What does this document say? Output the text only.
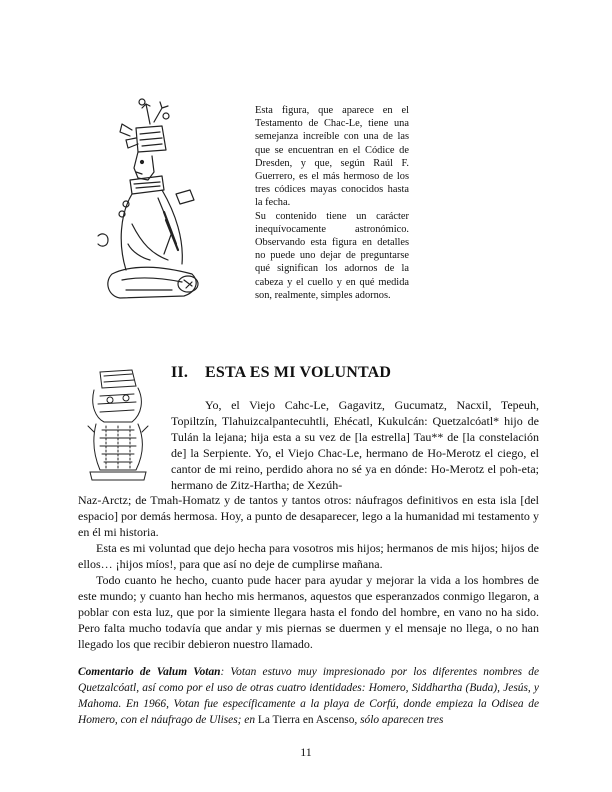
Esta figura, que aparece en el Testamento de Chac-Le, tiene una semejanza increíble con una de las que se encuentran en el Códice de Dresden, y que, según Raúl F. Guerrero, es el más hermoso de los tres códices mayas conocidos hasta la fecha.

Su contenido tiene un carácter inequívocamente astronómico. Observando esta figura en detalles no puede uno dejar de preguntarse qué significan los adornos de la cabeza y el cuello y en qué medida son, realmente, simples adornos.

II. ESTA ES MI VOLUNTAD

Yo, el Viejo Cahc-Le, Gagavitz, Gucumatz, Nacxil, Tepeuh, Topiltzín, Tlahuizcalpantecuhtli, Ehécatl, Kukulcán: Quetzalcóatl* hijo de Tulán la lejana; hija esta a su vez de [la estrella] Tau** de [la constelación de] la Serpiente. Yo, el Viejo Chac-Le, hermano de Ho-Merotz el ciego, el cantor de mi reino, perdido ahora no sé ya en dónde: Ho-Merotz el poh-eta; hermano de Zitz-Hartha; de Xezúh-

Naz-Arctz; de Tmah-Homatz y de tantos y tantos otros: náufragos definitivos en esta isla [del espacio] por demás hermosa. Hoy, a punto de desaparecer, lego a la humanidad mi testamento y en él mi historia.

Esta es mi voluntad que dejo hecha para vosotros mis hijos; hermanos de mis hijos; hijos de ellos… ¡hijos míos!, para que así no deje de cumplirse mañana.

Todo cuanto he hecho, cuanto pude hacer para ayudar y mejorar la vida a los hombres de este mundo; y cuanto han hecho mis hermanos, aquestos que esperanzados conmigo llegaron, a poblar con esta luz, que por la simiente llegara hasta el fondo del hombre, en vano no ha sido. Pero falta mucho todavía que andar y mis piernas se duermen y el mensaje no llega, o no han llegado los que recibir debieron nuestro llamado.

Comentario de Valum Votan: Votan estuvo muy impresionado por los diferentes nombres de Quetzalcóatl, así como por el uso de otras cuatro identidades: Homero, Siddhartha (Buda), Jesús, y Mahoma. En 1966, Votan fue específicamente a la playa de Corfú, donde empieza la Odisea de Homero, con el náufrago de Ulises; en La Tierra en Ascenso, sólo aparecen tres

11
